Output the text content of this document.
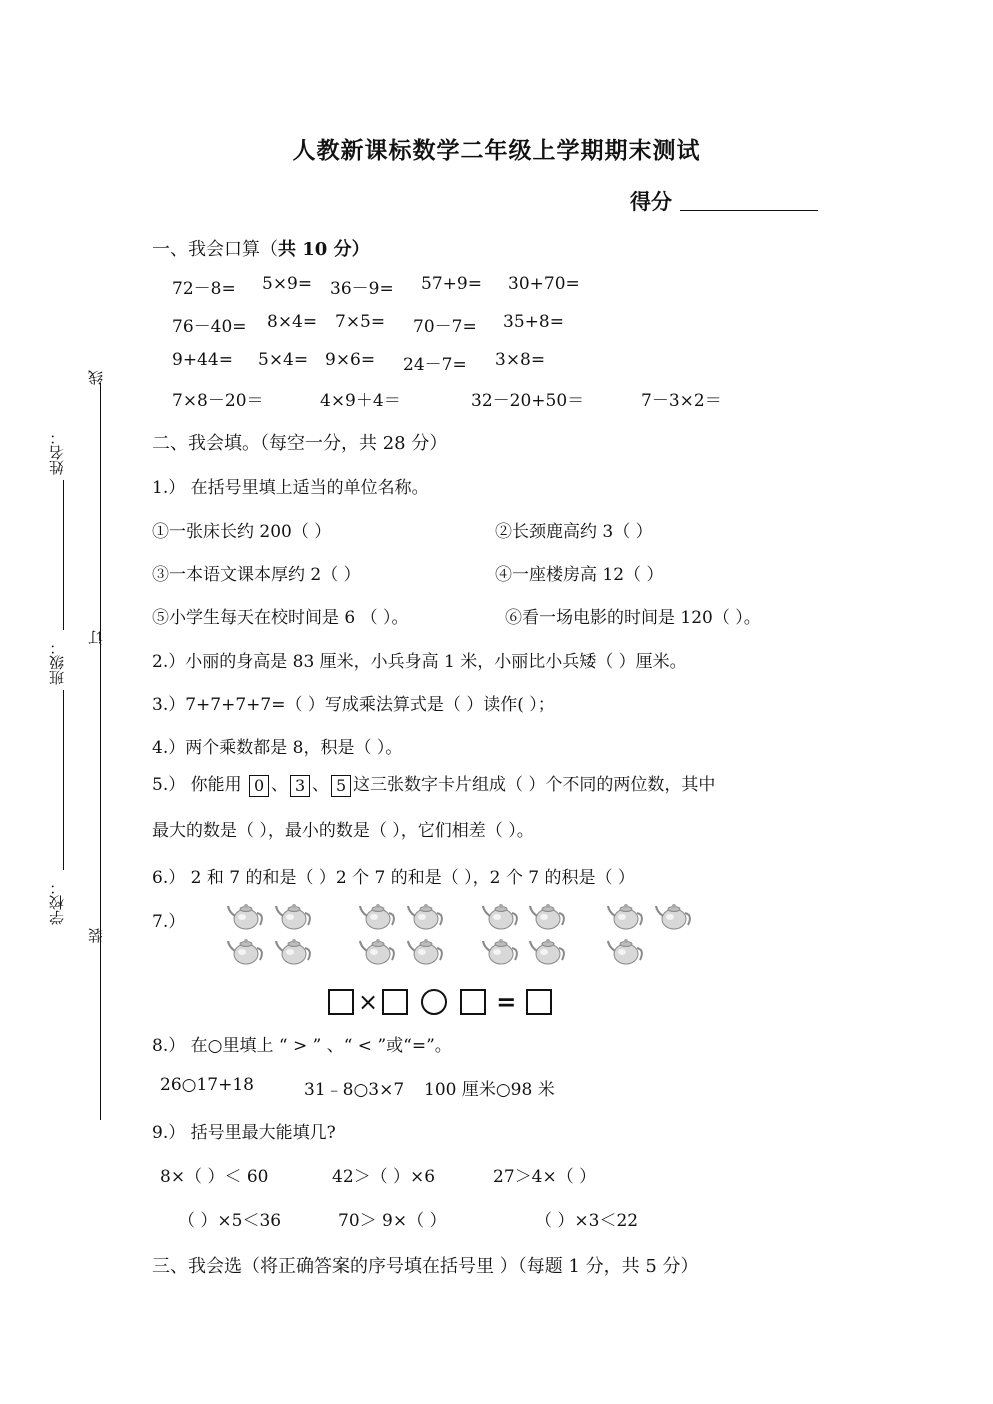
人教新课标数学二年级上学期期末测试
得分
线
订
装
姓名：
班级：
学校：
一、我会口算（共 10 分）
72－8= 5×9= 36－9= 57+9= 30+70=
76－40= 8×4= 7×5= 70－7= 35+8=
9+44= 5×4= 9×6= 24－7= 3×8=
7×8－20＝	4×9＋4＝	32－20+50＝	7－3×2＝
二、我会填。（每空一分，共 28 分）
1.） 在括号里填上适当的单位名称。
①一张床长约 200（ ）	②长颈鹿高约 3（ ）
③一本语文课本厚约 2（ ）	④一座楼房高 12（ ）
⑤小学生每天在校时间是 6 （ ）。	⑥看一场电影的时间是 120（ ）。
2.）小丽的身高是 83 厘米，小兵身高 1 米，小丽比小兵矮（ ）厘米。
3.）7+7+7+7=（ ）写成乘法算式是（ ）读作( ）；
4.）两个乘数都是 8，积是（ ）。
5.） 你能用 0 、 3 、 5 这三张数字卡片组成（ ）个不同的两位数，其中
最大的数是（ ），最小的数是（ ），它们相差（ ）。
6.） 2 和 7 的和是（ ）2 个 7 的和是（ ），2 个 7 的积是（ ）
7.）
×	=
8.） 在○里填上 “ > ” 、“ < ”或“=”。
26○17+18	31﹣8○3×7 100 厘米○98 米
9.） 括号里最大能填几?
8×（ ）＜ 60	42＞（ ）×6	27＞4×（ ）
（ ）×5＜36	70＞ 9×（ ）	（ ）×3＜22
三、我会选（将正确答案的序号填在括号里 ）（每题 1 分，共 5 分）
